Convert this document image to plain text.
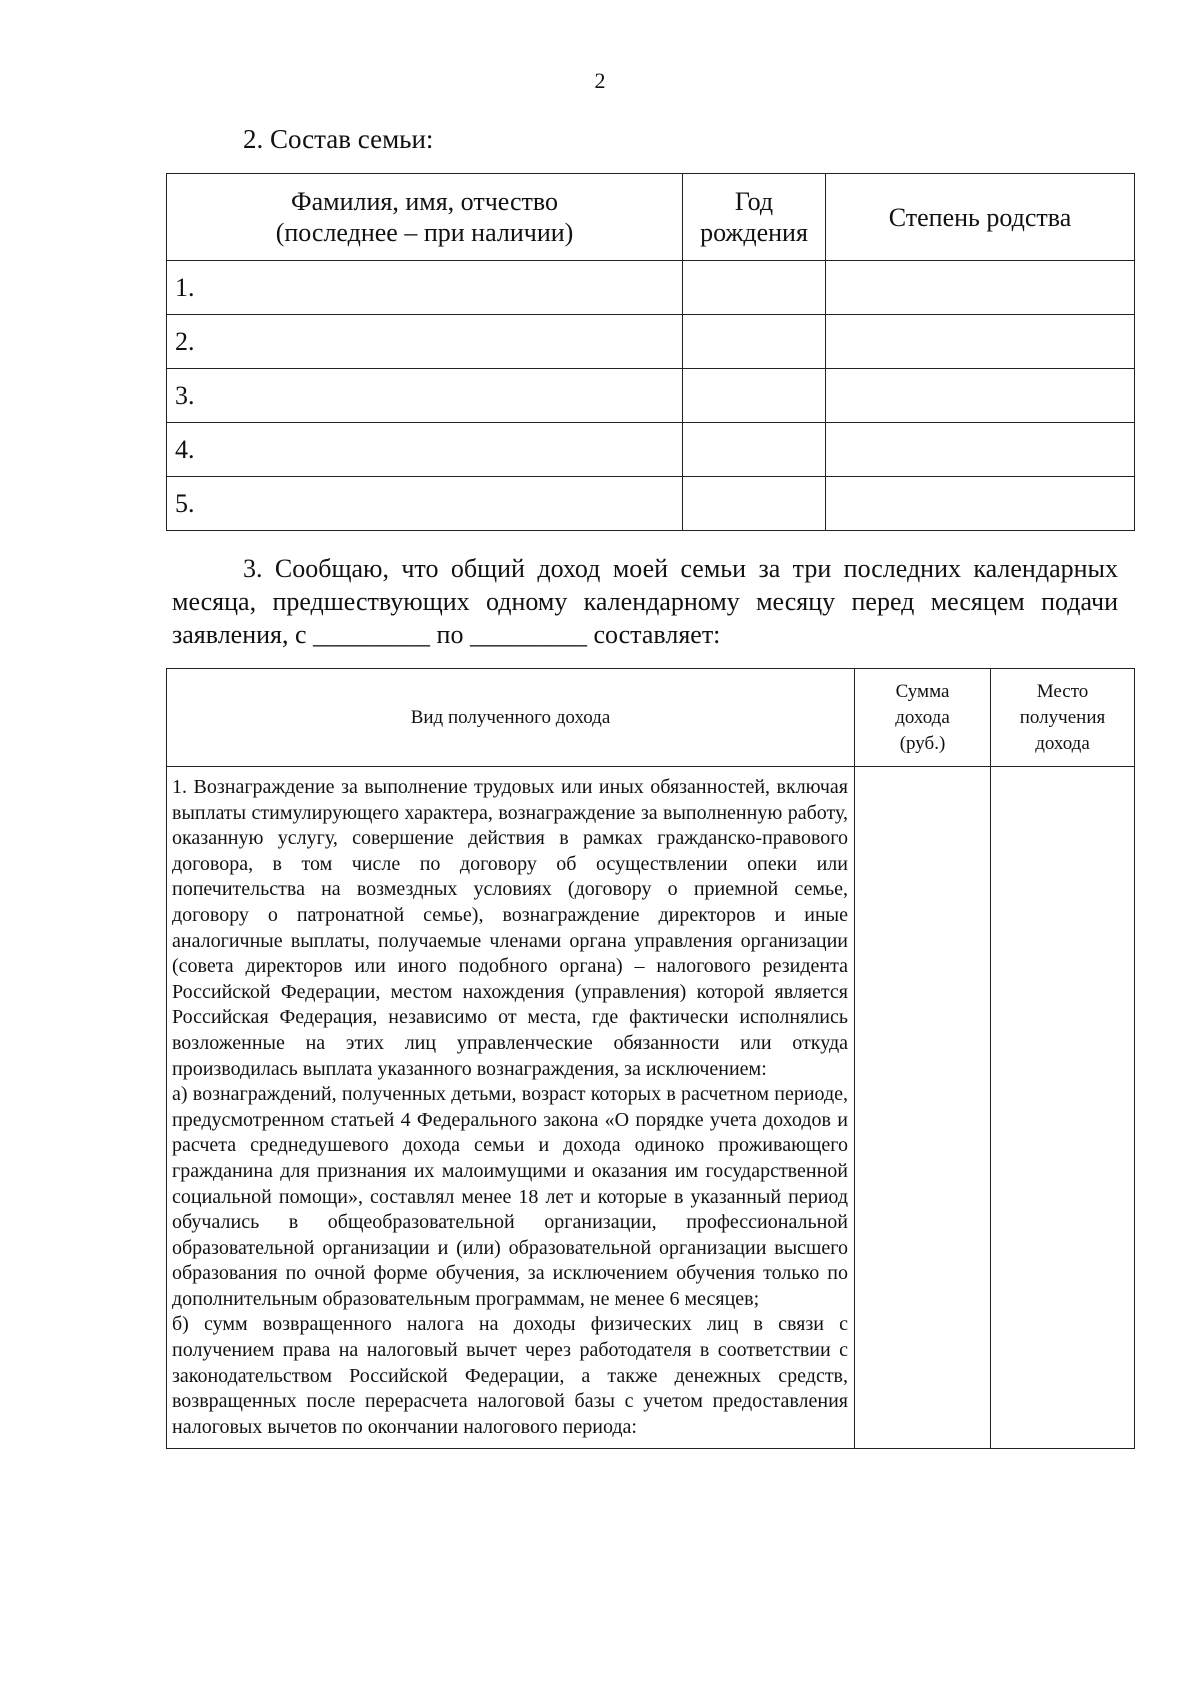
2
2. Состав семьи:
Фамилия, имя, отчество (последнее – при наличии)	Год рождения	Степень родства
1.		
2.		
3.		
4.		
5.		

3. Сообщаю, что общий доход моей семьи за три последних календарных месяца, предшествующих одному календарному месяцу перед месяцем подачи заявления, с _________ по _________ составляет:

Вид полученного дохода	Сумма дохода (руб.)	Место получения дохода

1. Вознаграждение за выполнение трудовых или иных обязанностей, включая выплаты стимулирующего характера, вознаграждение за выполненную работу, оказанную услугу, совершение действия в рамках гражданско-правового договора, в том числе по договору об осуществлении опеки или попечительства на возмездных условиях (договору о приемной семье, договору о патронатной семье), вознаграждение директоров и иные аналогичные выплаты, получаемые членами органа управления организации (совета директоров или иного подобного органа) – налогового резидента Российской Федерации, местом нахождения (управления) которой является Российская Федерация, независимо от места, где фактически исполнялись возложенные на этих лиц управленческие обязанности или откуда производилась выплата указанного вознаграждения, за исключением:

а) вознаграждений, полученных детьми, возраст которых в расчетном периоде, предусмотренном статьей 4 Федерального закона «О порядке учета доходов и расчета среднедушевого дохода семьи и дохода одиноко проживающего гражданина для признания их малоимущими и оказания им государственной социальной помощи», составлял менее 18 лет и которые в указанный период обучались в общеобразовательной организации, профессиональной образовательной организации и (или) образовательной организации высшего образования по очной форме обучения, за исключением обучения только по дополнительным образовательным программам, не менее 6 месяцев;

б) сумм возвращенного налога на доходы физических лиц в связи с получением права на налоговый вычет через работодателя в соответствии с законодательством Российской Федерации, а также денежных средств, возвращенных после перерасчета налоговой базы с учетом предоставления налоговых вычетов по окончании налогового периода:		
